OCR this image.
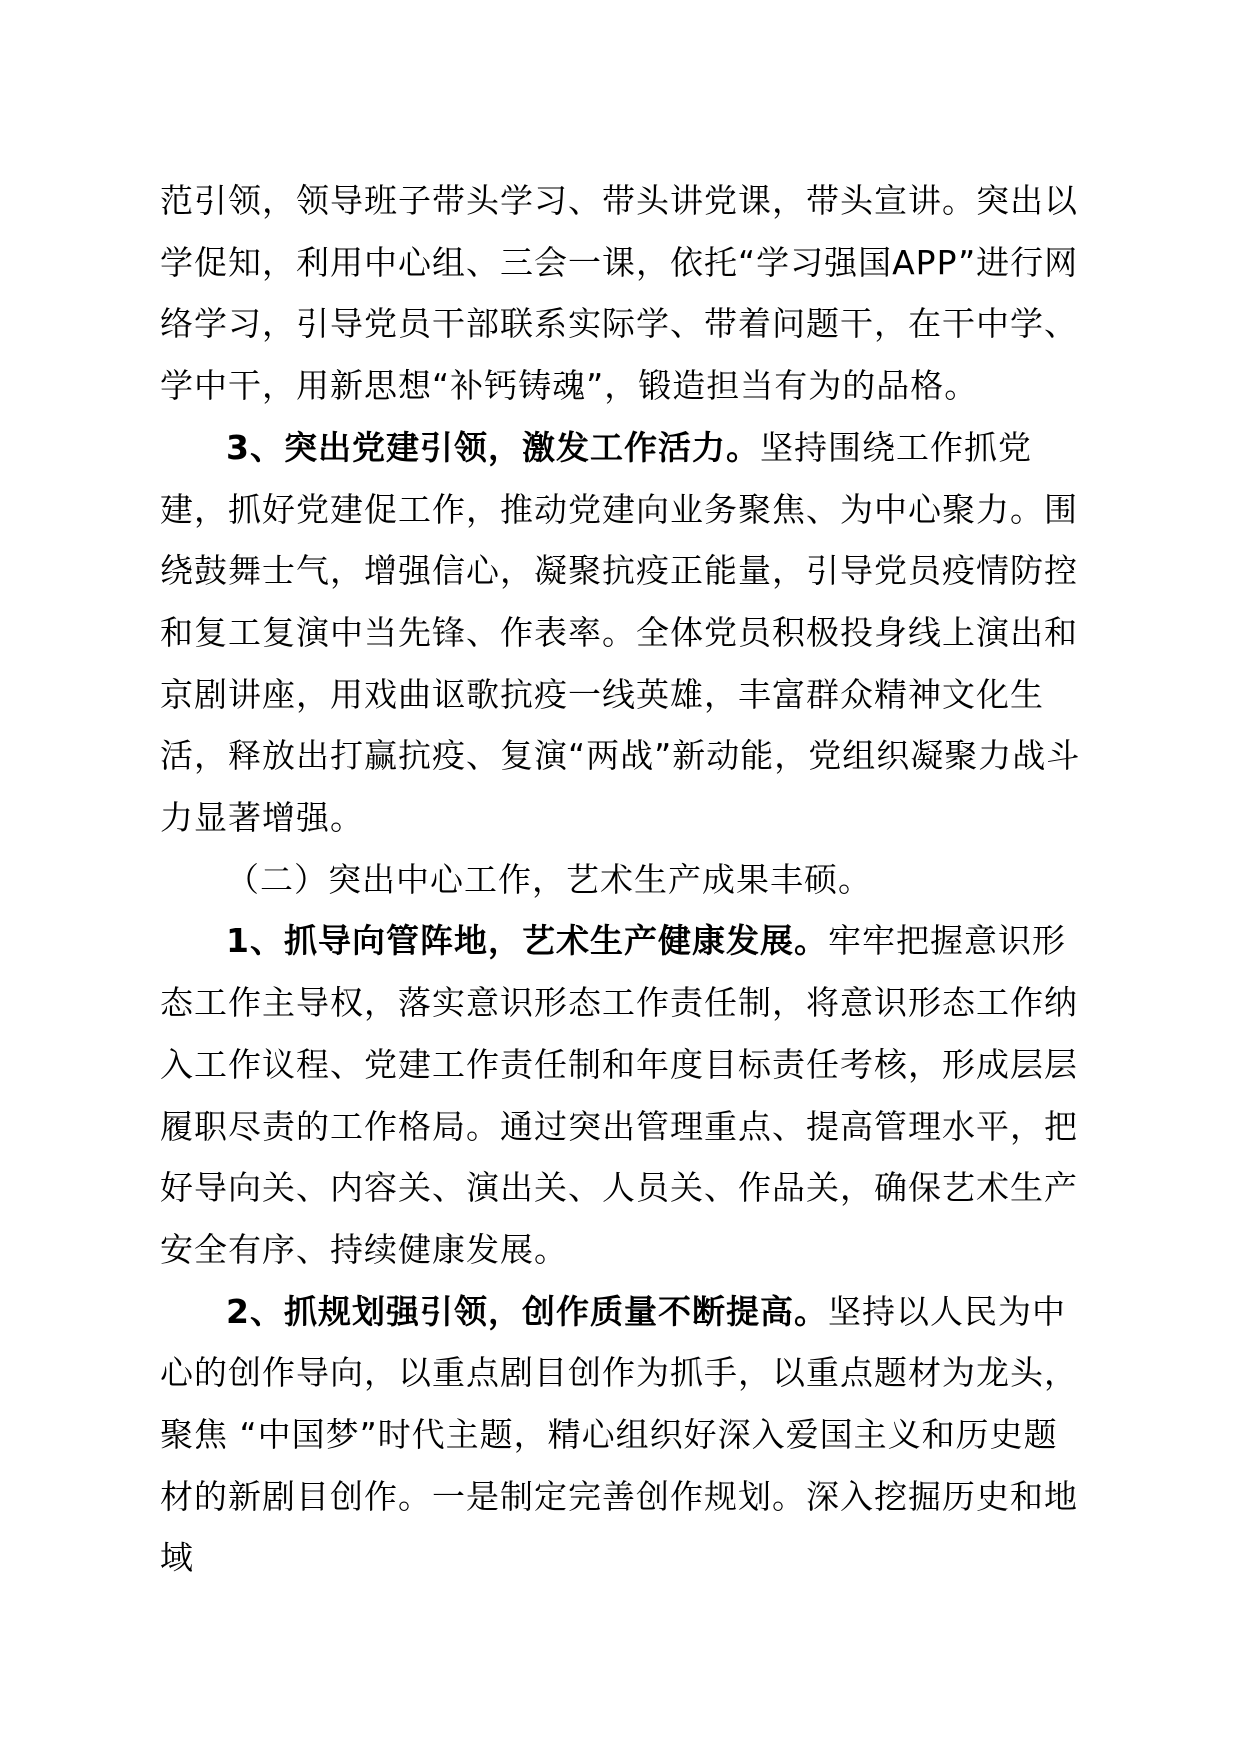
范引领，领导班子带头学习、带头讲党课，带头宣讲。突出以学促知，利用中心组、三会一课，依托“学习强国APP”进行网络学习，引导党员干部联系实际学、带着问题干，在干中学、学中干，用新思想“补钙铸魂”，锻造担当有为的品格。

3、突出党建引领，激发工作活力。坚持围绕工作抓党建，抓好党建促工作，推动党建向业务聚焦、为中心聚力。围绕鼓舞士气，增强信心，凝聚抗疫正能量，引导党员疫情防控和复工复演中当先锋、作表率。全体党员积极投身线上演出和京剧讲座，用戏曲讴歌抗疫一线英雄，丰富群众精神文化生活，释放出打赢抗疫、复演“两战”新动能，党组织凝聚力战斗力显著增强。

（二）突出中心工作，艺术生产成果丰硕。

1、抓导向管阵地，艺术生产健康发展。牢牢把握意识形态工作主导权，落实意识形态工作责任制，将意识形态工作纳入工作议程、党建工作责任制和年度目标责任考核，形成层层履职尽责的工作格局。通过突出管理重点、提高管理水平，把好导向关、内容关、演出关、人员关、作品关，确保艺术生产安全有序、持续健康发展。

2、抓规划强引领，创作质量不断提高。坚持以人民为中心的创作导向，以重点剧目创作为抓手，以重点题材为龙头，聚焦 “中国梦”时代主题，精心组织好深入爱国主义和历史题材的新剧目创作。一是制定完善创作规划。深入挖掘历史和地域
